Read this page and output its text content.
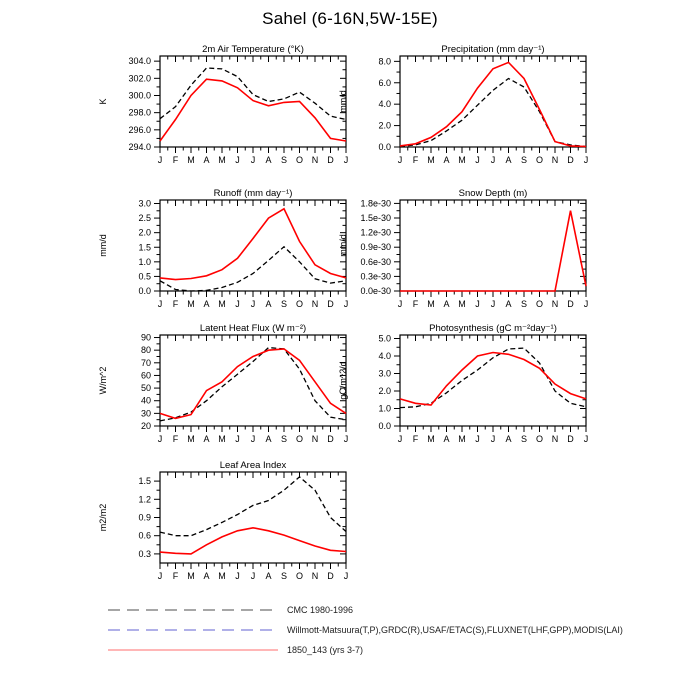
Sahel (6-16N,5W-15E)
J F M A M J J A S O N D J
294.0
296.0
298.0
300.0
302.0
304.0
2m Air Temperature (°K)
K
J F M A M J J A S O N D J
0.0
2.0
4.0
6.0
8.0
Precipitation (mm day⁻¹)
mm/d
J F M A M J J A S O N D J
0.0
0.5
1.0
1.5
2.0
2.5
3.0
Runoff (mm day⁻¹)
mm/d
J F M A M J J A S O N D J
0.0e-30
0.3e-30
0.6e-30
0.9e-30
1.2e-30
1.5e-30
1.8e-30
Snow Depth (m)
mm/d
J F M A M J J A S O N D J
20
30
40
50
60
70
80
90
Latent Heat Flux (W m⁻²)
W/m^2
J F M A M J J A S O N D J
0.0
1.0
2.0
3.0
4.0
5.0
Photosynthesis (gC m⁻²day⁻¹)
gC/m^2/d
J F M A M J J A S O N D J
0.3
0.6
0.9
1.2
1.5
Leaf Area Index
m2/m2
CMC 1980-1996
Willmott-Matsuura(T,P),GRDC(R),USAF/ETAC(S),FLUXNET(LHF,GPP),MODIS(LAI)
1850_143 (yrs 3-7)
